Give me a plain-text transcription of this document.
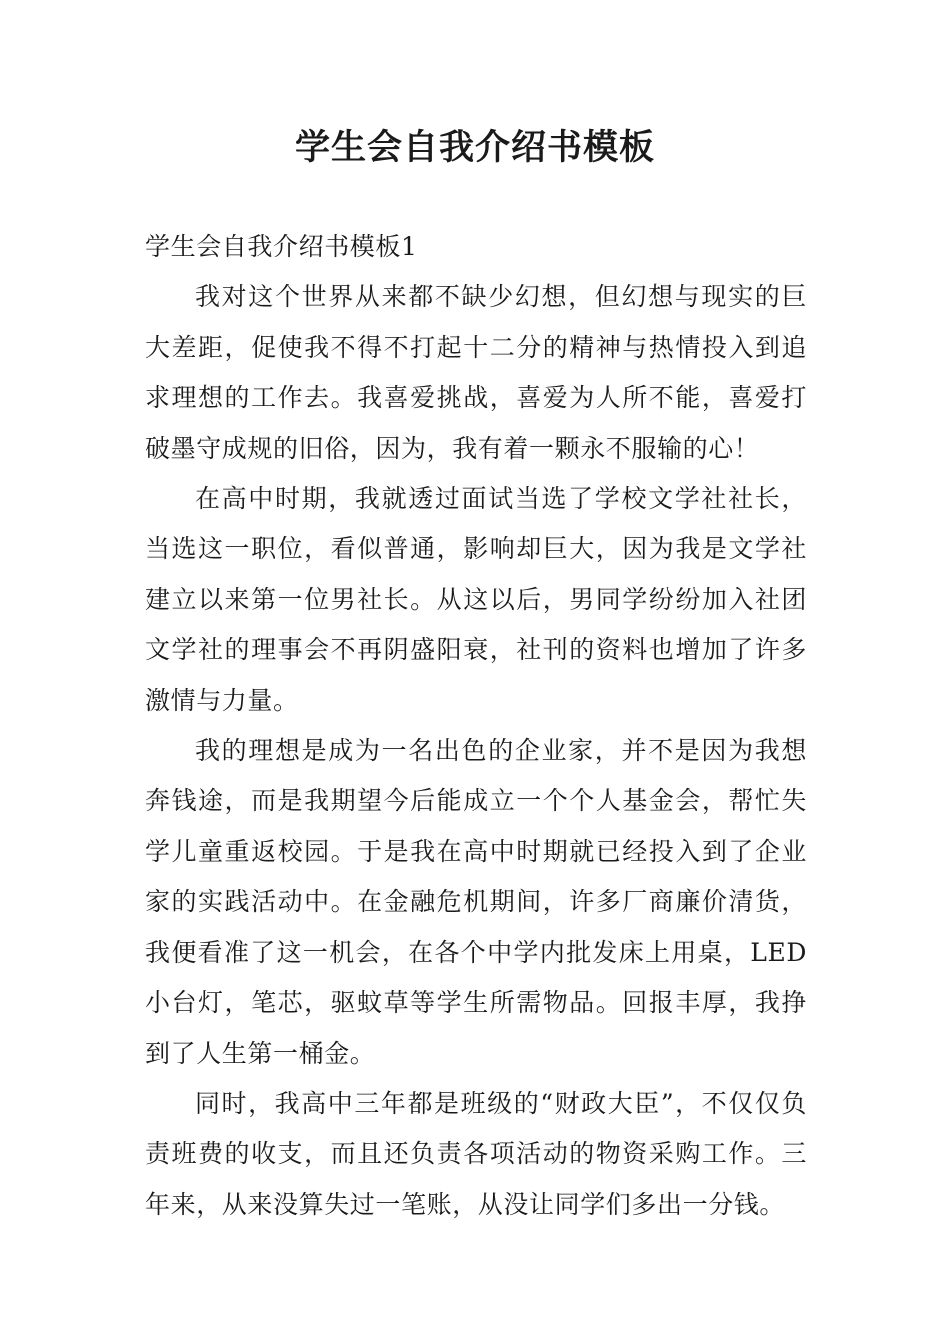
学生会自我介绍书模板

学生会自我介绍书模板1

我对这个世界从来都不缺少幻想，但幻想与现实的巨大差距，促使我不得不打起十二分的精神与热情投入到追求理想的工作去。我喜爱挑战，喜爱为人所不能，喜爱打破墨守成规的旧俗，因为，我有着一颗永不服输的心！

在高中时期，我就透过面试当选了学校文学社社长，当选这一职位，看似普通，影响却巨大，因为我是文学社建立以来第一位男社长。从这以后，男同学纷纷加入社团文学社的理事会不再阴盛阳衰，社刊的资料也增加了许多激情与力量。

我的理想是成为一名出色的企业家，并不是因为我想奔钱途，而是我期望今后能成立一个个人基金会，帮忙失学儿童重返校园。于是我在高中时期就已经投入到了企业家的实践活动中。在金融危机期间，许多厂商廉价清货，我便看准了这一机会，在各个中学内批发床上用桌，LED小台灯，笔芯，驱蚊草等学生所需物品。回报丰厚，我挣到了人生第一桶金。

同时，我高中三年都是班级的“财政大臣”，不仅仅负责班费的收支，而且还负责各项活动的物资采购工作。三年来，从来没算失过一笔账，从没让同学们多出一分钱。
